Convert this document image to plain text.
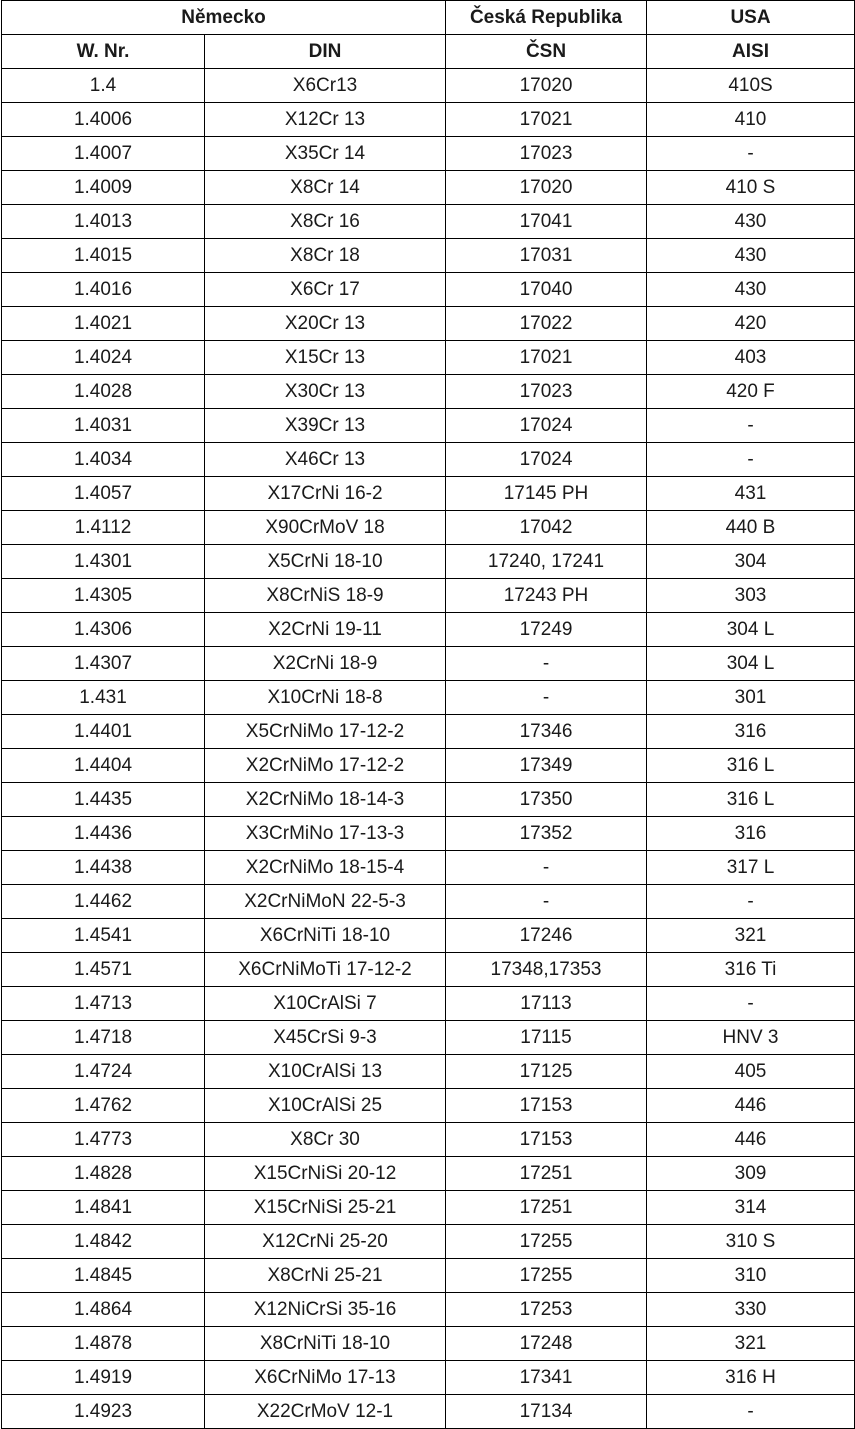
Německo		Česká Republika	USA
W. Nr.	DIN	ČSN	AISI
1.4	X6Cr13	17020	410S
1.4006	X12Cr 13	17021	410
1.4007	X35Cr 14	17023	-
1.4009	X8Cr 14	17020	410 S
1.4013	X8Cr 16	17041	430
1.4015	X8Cr 18	17031	430
1.4016	X6Cr 17	17040	430
1.4021	X20Cr 13	17022	420
1.4024	X15Cr 13	17021	403
1.4028	X30Cr 13	17023	420 F
1.4031	X39Cr 13	17024	-
1.4034	X46Cr 13	17024	-
1.4057	X17CrNi 16-2	17145 PH	431
1.4112	X90CrMoV 18	17042	440 B
1.4301	X5CrNi 18-10	17240, 17241	304
1.4305	X8CrNiS 18-9	17243 PH	303
1.4306	X2CrNi 19-11	17249	304 L
1.4307	X2CrNi 18-9	-	304 L
1.431	X10CrNi 18-8	-	301
1.4401	X5CrNiMo 17-12-2	17346	316
1.4404	X2CrNiMo 17-12-2	17349	316 L
1.4435	X2CrNiMo 18-14-3	17350	316 L
1.4436	X3CrMiNo 17-13-3	17352	316
1.4438	X2CrNiMo 18-15-4	-	317 L
1.4462	X2CrNiMoN 22-5-3	-	-
1.4541	X6CrNiTi 18-10	17246	321
1.4571	X6CrNiMoTi 17-12-2	17348,17353	316 Ti
1.4713	X10CrAlSi 7	17113	-
1.4718	X45CrSi 9-3	17115	HNV 3
1.4724	X10CrAlSi 13	17125	405
1.4762	X10CrAlSi 25	17153	446
1.4773	X8Cr 30	17153	446
1.4828	X15CrNiSi 20-12	17251	309
1.4841	X15CrNiSi 25-21	17251	314
1.4842	X12CrNi 25-20	17255	310 S
1.4845	X8CrNi 25-21	17255	310
1.4864	X12NiCrSi 35-16	17253	330
1.4878	X8CrNiTi 18-10	17248	321
1.4919	X6CrNiMo 17-13	17341	316 H
1.4923	X22CrMoV 12-1	17134	-
